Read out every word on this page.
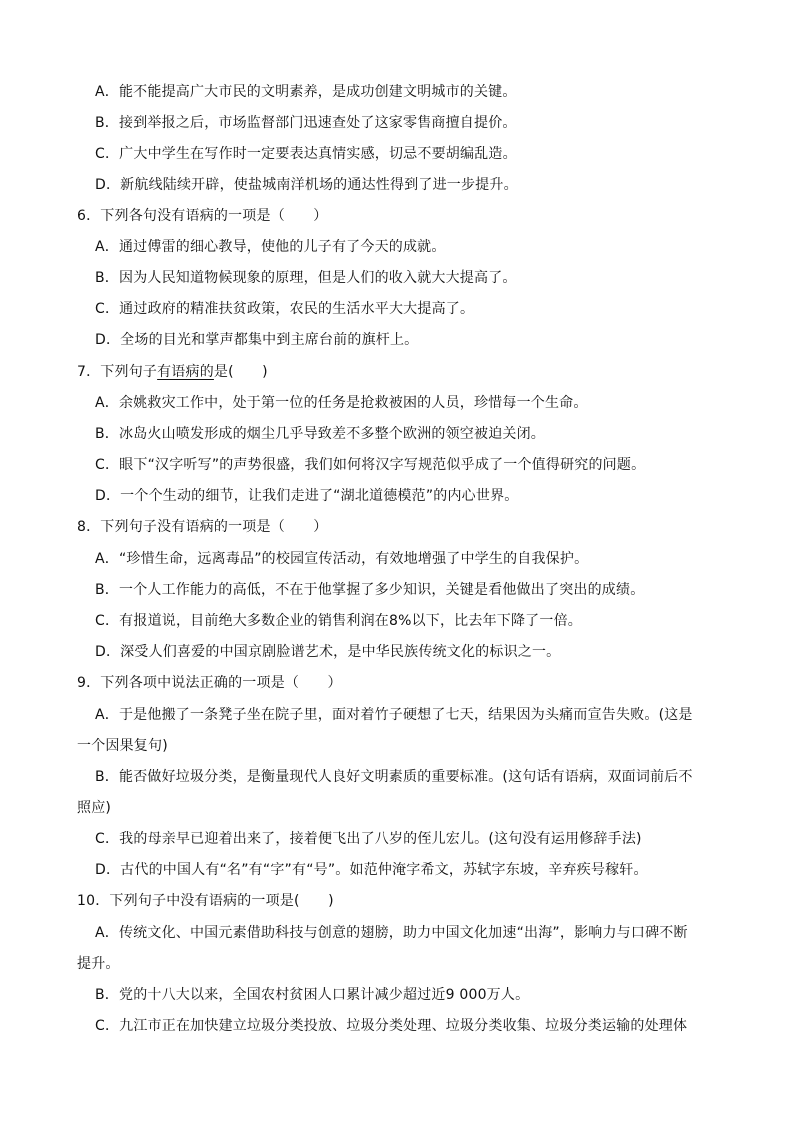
A．能不能提高广大市民的文明素养，是成功创建文明城市的关键。
B．接到举报之后，市场监督部门迅速查处了这家零售商擅自提价。
C．广大中学生在写作时一定要表达真情实感，切忌不要胡编乱造。
D．新航线陆续开辟，使盐城南洋机场的通达性得到了进一步提升。
6．下列各句没有语病的一项是（　　）
A．通过傅雷的细心教导，使他的儿子有了今天的成就。
B．因为人民知道物候现象的原理，但是人们的收入就大大提高了。
C．通过政府的精准扶贫政策，农民的生活水平大大提高了。
D．全场的目光和掌声都集中到主席台前的旗杆上。
7．下列句子有语病的是(　　)
A．余姚救灾工作中，处于第一位的任务是抢救被困的人员，珍惜每一个生命。
B．冰岛火山喷发形成的烟尘几乎导致差不多整个欧洲的领空被迫关闭。
C．眼下“汉字听写”的声势很盛，我们如何将汉字写规范似乎成了一个值得研究的问题。
D．一个个生动的细节，让我们走进了“湖北道德模范”的内心世界。
8．下列句子没有语病的一项是（　　）
A．“珍惜生命，远离毒品”的校园宣传活动，有效地增强了中学生的自我保护。
B．一个人工作能力的高低，不在于他掌握了多少知识，关键是看他做出了突出的成绩。
C．有报道说，目前绝大多数企业的销售利润在8%以下，比去年下降了一倍。
D．深受人们喜爱的中国京剧脸谱艺术，是中华民族传统文化的标识之一。
9．下列各项中说法正确的一项是（　　）
A．于是他搬了一条凳子坐在院子里，面对着竹子硬想了七天，结果因为头痛而宣告失败。(这是
一个因果复句)
B．能否做好垃圾分类，是衡量现代人良好文明素质的重要标准。(这句话有语病，双面词前后不
照应)
C．我的母亲早已迎着出来了，接着便飞出了八岁的侄儿宏儿。(这句没有运用修辞手法)
D．古代的中国人有“名”有“字”有“号”。如范仲淹字希文，苏轼字东坡，辛弃疾号稼轩。
10．下列句子中没有语病的一项是(　　)
A．传统文化、中国元素借助科技与创意的翅膀，助力中国文化加速“出海”，影响力与口碑不断
提升。
B．党的十八大以来，全国农村贫困人口累计减少超过近9 000万人。
C．九江市正在加快建立垃圾分类投放、垃圾分类处理、垃圾分类收集、垃圾分类运输的处理体
